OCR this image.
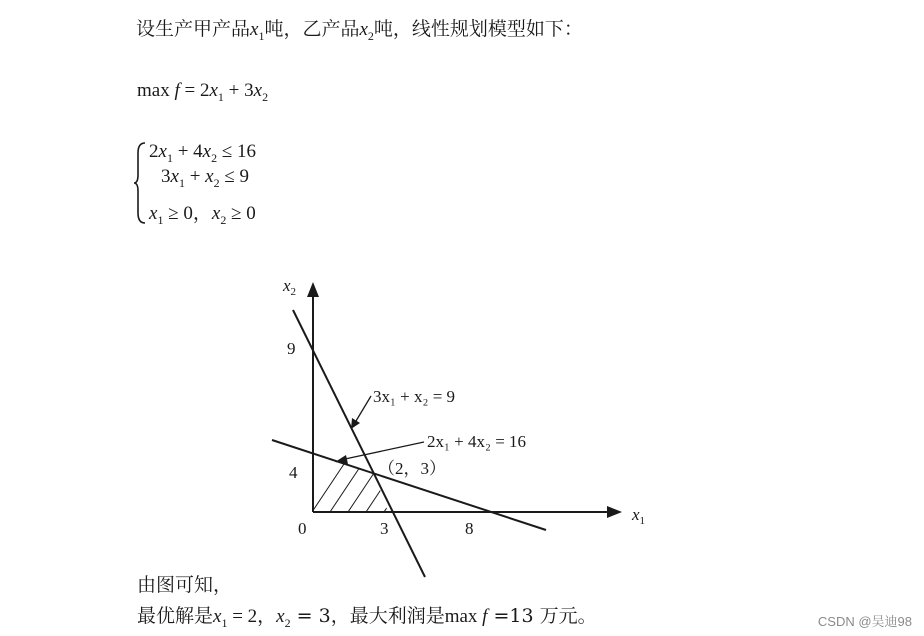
设生产甲产品$x_1$吨，乙产品$x_2$吨，线性规划模型如下：
$\max f = 2x_1 + 3x_2$
$2x_1 + 4x_2 \le 16$
$3x_1 + x_2 \le 9$
$x_1 \ge 0$，$x_2 \ge 0$
$x_2$
$x_1$
0	3	8
9
4
3x₁ + x₂ = 9
2x₁ + 4x₂ = 16
（2，3）
由图可知，
最优解是$x_1 = 2$，$x_2 = 3$，最大利润是max f =13 万元。	CSDN @吴迪98
